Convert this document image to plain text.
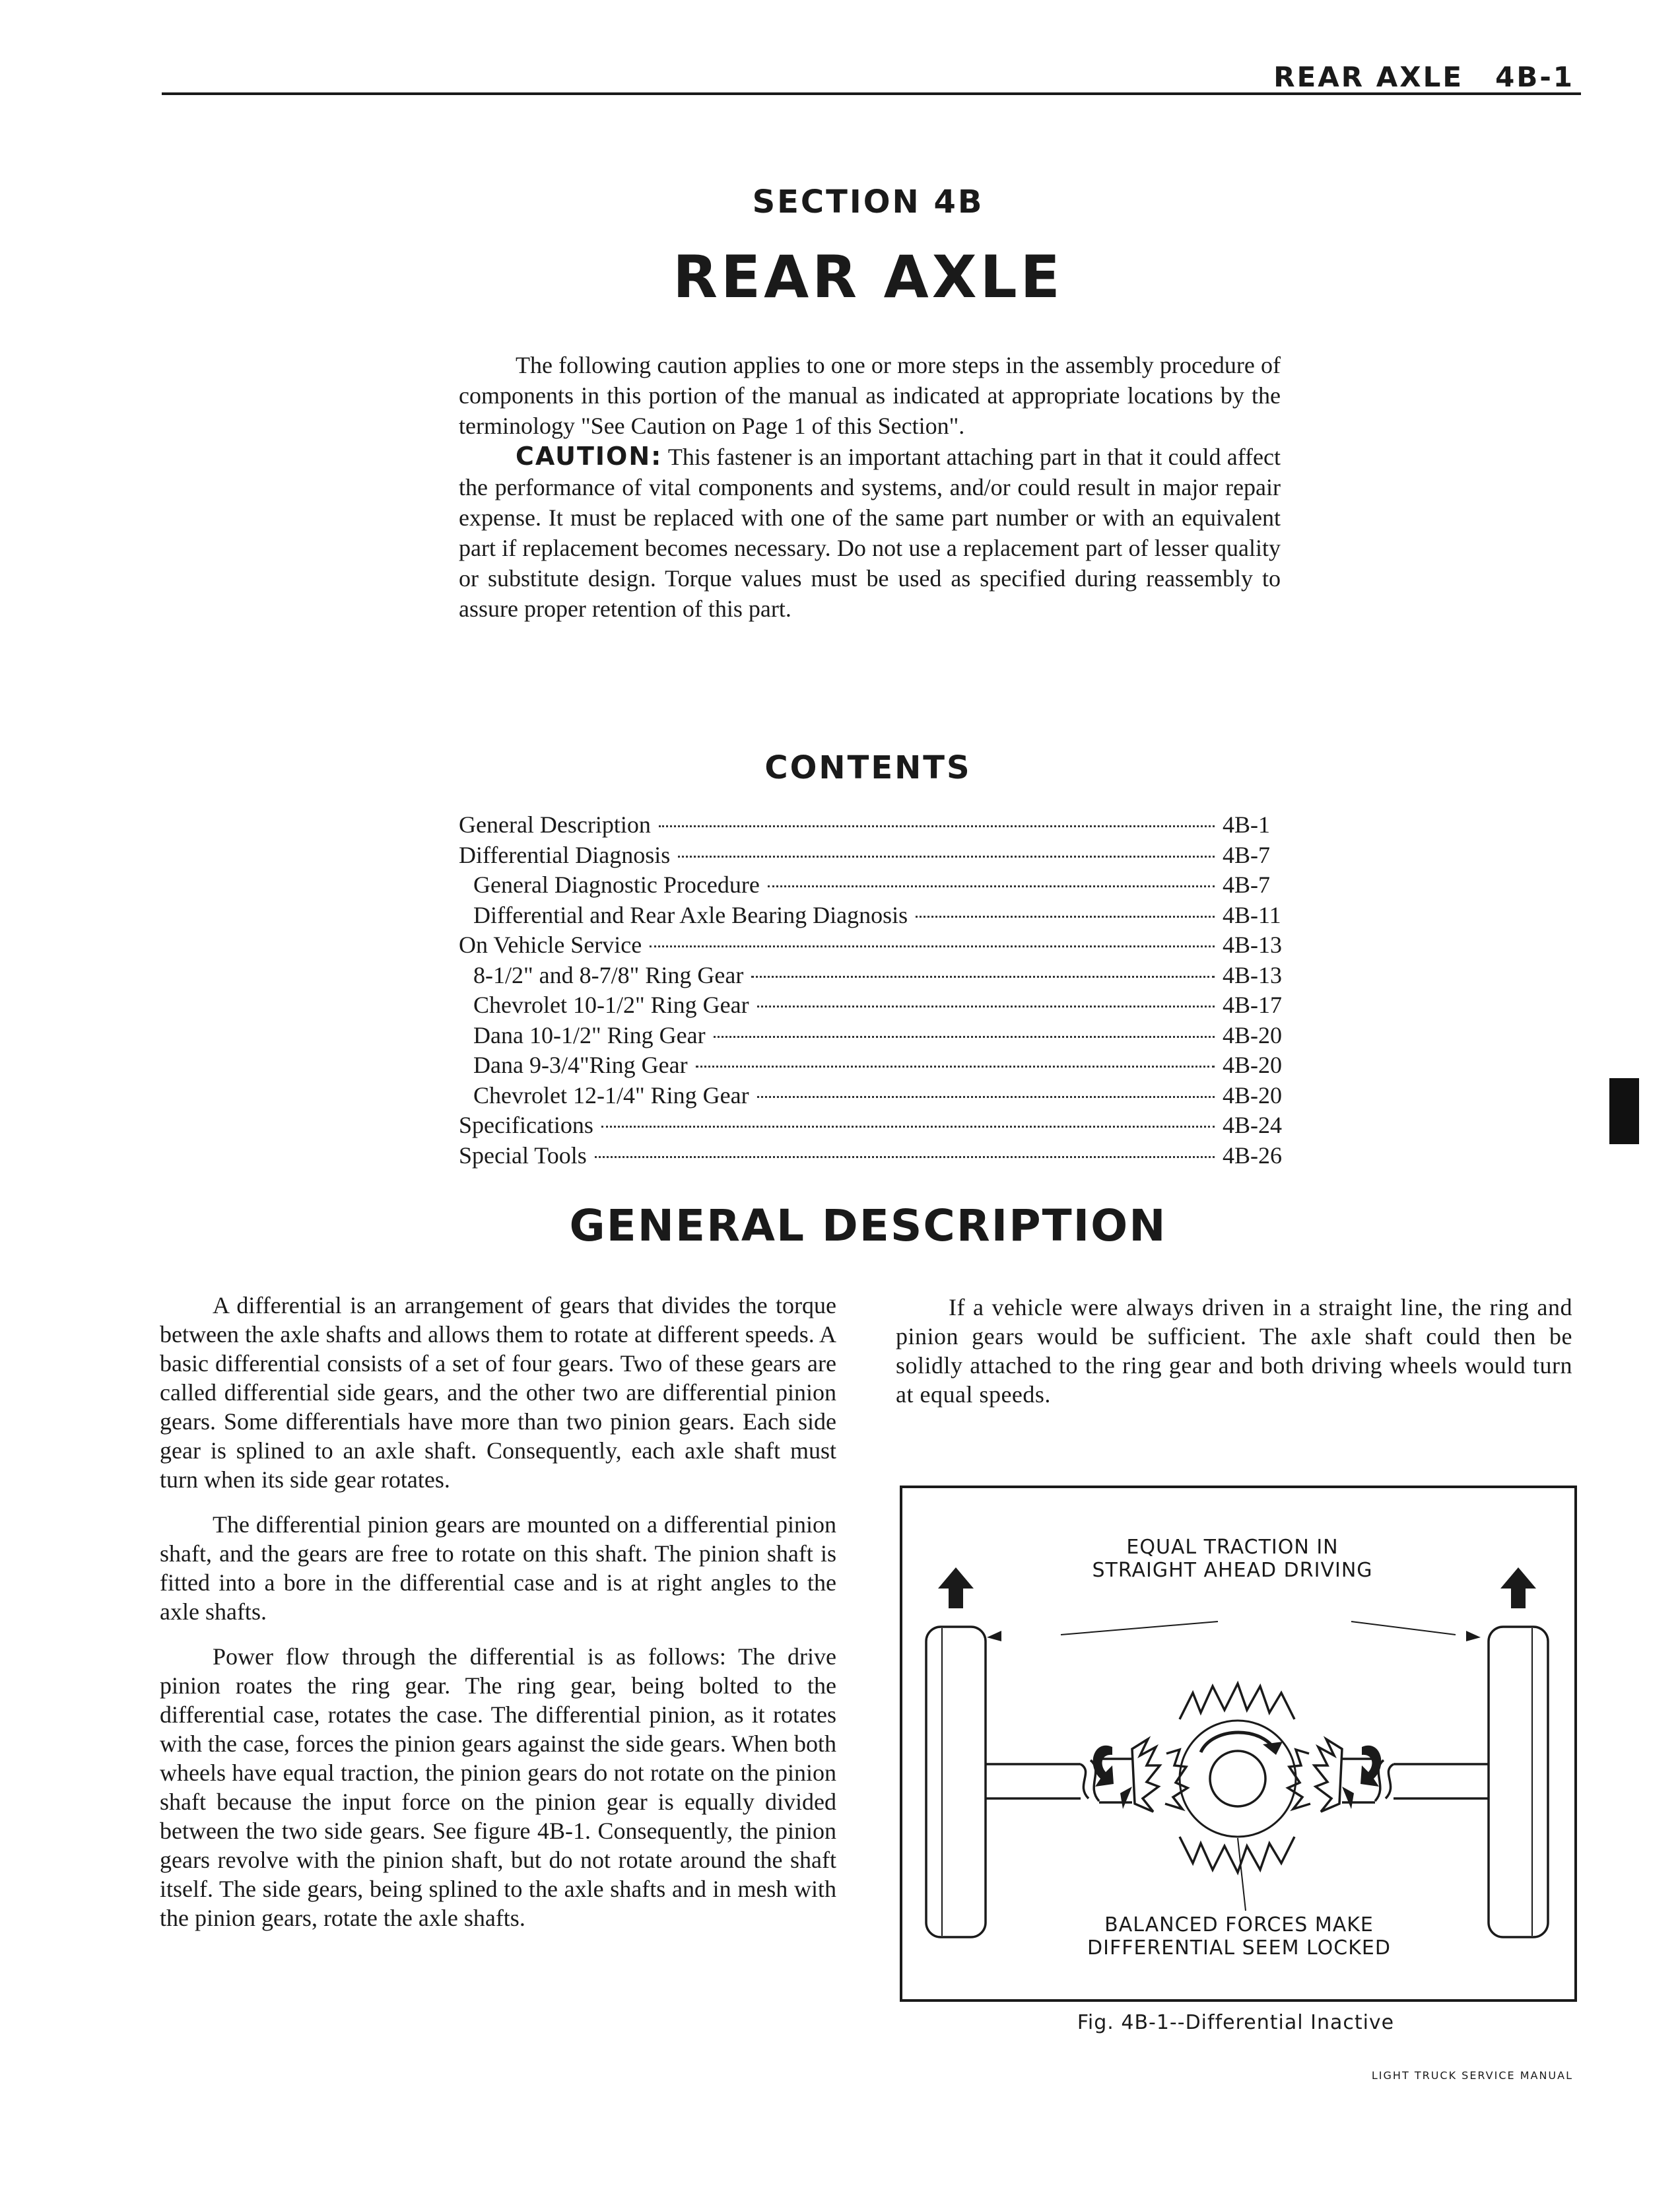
REAR AXLE 4B-1
SECTION 4B
REAR AXLE

The following caution applies to one or more steps in the assembly procedure of components in this portion of the manual as indicated at appropriate locations by the terminology "See Caution on Page 1 of this Section".

CAUTION: This fastener is an important attaching part in that it could affect the performance of vital components and systems, and/or could result in major repair expense. It must be replaced with one of the same part number or with an equivalent part if replacement becomes necessary. Do not use a replacement part of lesser quality or substitute design. Torque values must be used as specified during reassembly to assure proper retention of this part.

CONTENTS
General Description	4B-1
Differential Diagnosis	4B-7
General Diagnostic Procedure	4B-7
Differential and Rear Axle Bearing Diagnosis	4B-11
On Vehicle Service	4B-13
8-1/2" and 8-7/8" Ring Gear	4B-13
Chevrolet 10-1/2" Ring Gear	4B-17
Dana 10-1/2" Ring Gear	4B-20
Dana 9-3/4"Ring Gear	4B-20
Chevrolet 12-1/4" Ring Gear	4B-20
Specifications	4B-24
Special Tools	4B-26
GENERAL DESCRIPTION

A differential is an arrangement of gears that divides the torque between the axle shafts and allows them to rotate at different speeds. A basic differential consists of a set of four gears. Two of these gears are called differential side gears, and the other two are differential pinion gears. Some differentials have more than two pinion gears. Each side gear is splined to an axle shaft. Consequently, each axle shaft must turn when its side gear rotates.

The differential pinion gears are mounted on a differential pinion shaft, and the gears are free to rotate on this shaft. The pinion shaft is fitted into a bore in the differential case and is at right angles to the axle shafts.

Power flow through the differential is as follows: The drive pinion roates the ring gear. The ring gear, being bolted to the differential case, rotates the case. The differential pinion, as it rotates with the case, forces the pinion gears against the side gears. When both wheels have equal traction, the pinion gears do not rotate on the pinion shaft because the input force on the pinion gear is equally divided between the two side gears. See figure 4B-1. Consequently, the pinion gears revolve with the pinion shaft, but do not rotate around the shaft itself. The side gears, being splined to the axle shafts and in mesh with the pinion gears, rotate the axle shafts.

If a vehicle were always driven in a straight line, the ring and pinion gears would be sufficient. The axle shaft could then be solidly attached to the ring gear and both driving wheels would turn at equal speeds.

EQUAL TRACTION IN
STRAIGHT AHEAD DRIVING
BALANCED FORCES MAKE
DIFFERENTIAL SEEM LOCKED
Fig. 4B-1--Differential Inactive
LIGHT TRUCK SERVICE MANUAL
